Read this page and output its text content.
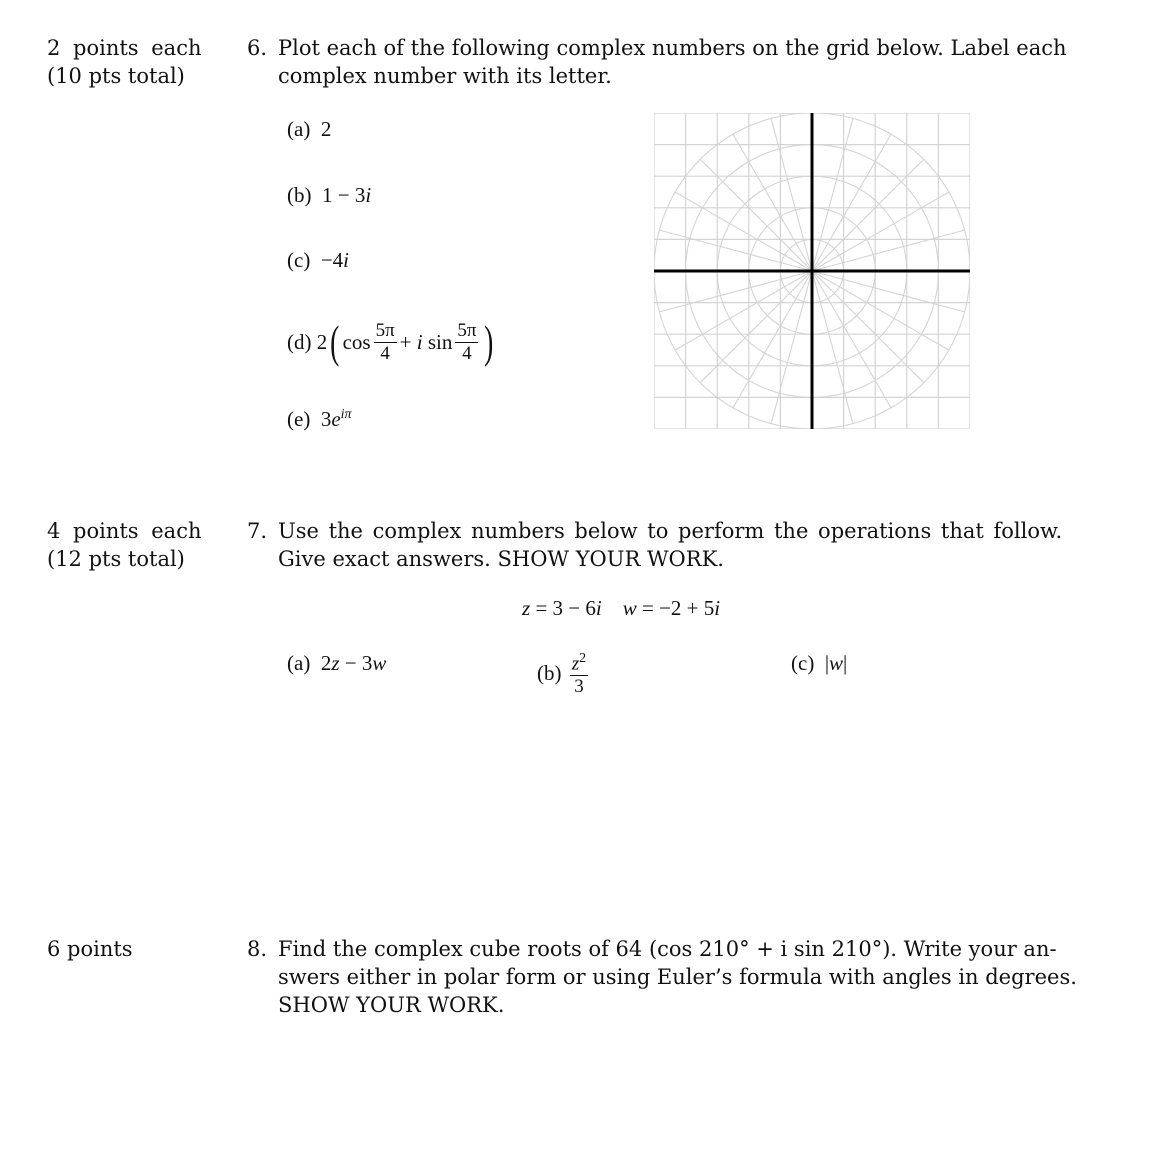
2 points each
(10 pts total)
6. Plot each of the following complex numbers on the grid below. Label each
complex number with its letter.
(a) 2
(b) 1 − 3i
(c) −4i
(d)
2 ( $\cos \frac{5\pi}{4}$ +
i
$\sin \frac{5\pi}{4}$ )
(e) $3e^{i\pi}$
4 points each
(12 pts total)
7. Use the complex numbers below to perform the operations that follow.
Give exact answers. SHOW YOUR WORK.
z = 3 − 6i w = −2 + 5i
(a) 2z − 3w	(b)
$\frac{z^2}{3}$	(c) |w|
6 points	8. Find the complex cube roots of 64 (cos 210° + i sin 210°). Write your an-
swers either in polar form or using Euler’s formula with angles in degrees.
SHOW YOUR WORK.
